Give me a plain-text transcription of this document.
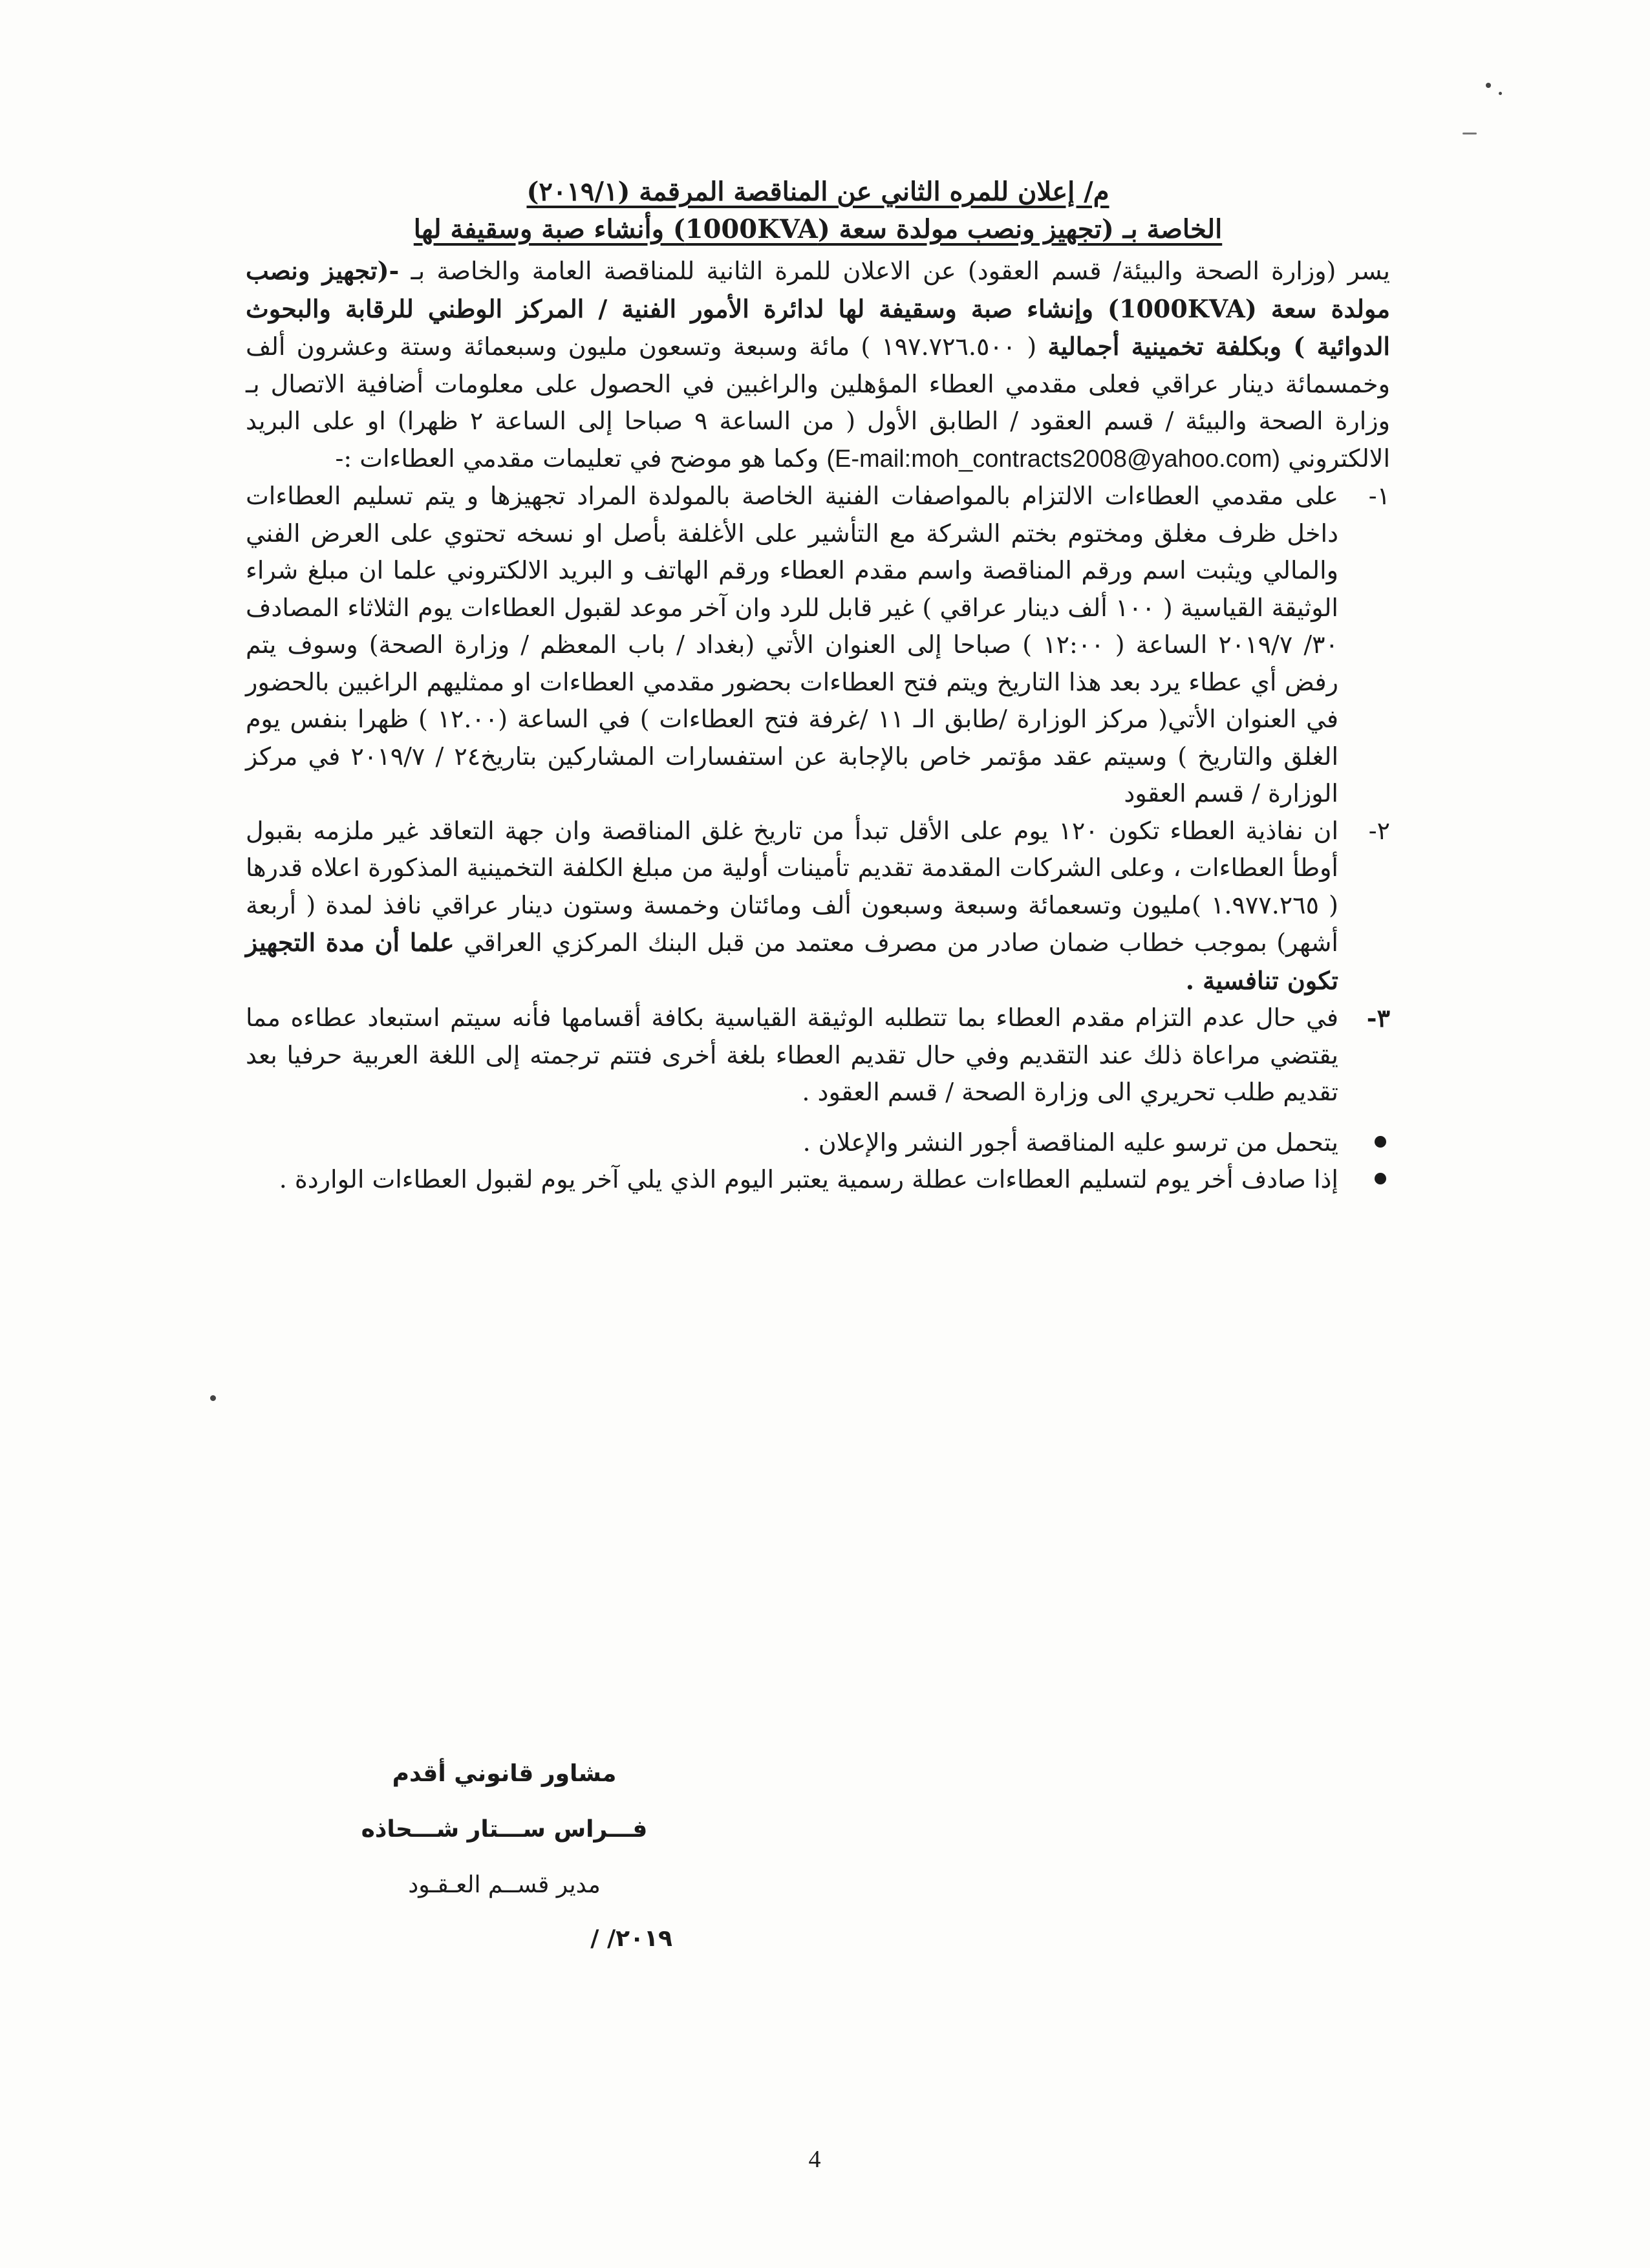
م/ إعلان للمره الثاني عن المناقصة المرقمة (٢٠١٩/١)

الخاصة بـ (تجهيز ونصب مولدة سعة (1000KVA) وأنشاء صبة وسقيفة لها

يسر (وزارة الصحة والبيئة/ قسم العقود) عن الاعلان للمرة الثانية للمناقصة العامة والخاصة بـ -(تجهيز ونصب مولدة سعة (1000KVA) وإنشاء صبة وسقيفة لها لدائرة الأمور الفنية / المركز الوطني للرقابة والبحوث الدوائية ) وبكلفة تخمينية أجمالية ( ١٩٧.٧٢٦.٥٠٠ ) مائة وسبعة وتسعون مليون وسبعمائة وستة وعشرون ألف وخمسمائة دينار عراقي فعلى مقدمي العطاء المؤهلين والراغبين في الحصول على معلومات أضافية الاتصال بـ وزارة الصحة والبيئة / قسم العقود / الطابق الأول ( من الساعة ٩ صباحا إلى الساعة ٢ ظهرا) او على البريد الالكتروني (E-mail:moh_contracts2008@yahoo.com) وكما هو موضح في تعليمات مقدمي العطاءات :-

١-
على مقدمي العطاءات الالتزام بالمواصفات الفنية الخاصة بالمولدة المراد تجهيزها و يتم تسليم العطاءات داخل ظرف مغلق ومختوم بختم الشركة مع التأشير على الأغلفة بأصل او نسخه تحتوي على العرض الفني والمالي ويثبت اسم ورقم المناقصة واسم مقدم العطاء ورقم الهاتف و البريد الالكتروني علما ان مبلغ شراء الوثيقة القياسية ( ١٠٠ ألف دينار عراقي ) غير قابل للرد وان آخر موعد لقبول العطاءات يوم الثلاثاء المصادف ٣٠/ ٢٠١٩/٧ الساعة ( ١٢:٠٠ ) صباحا إلى العنوان الأتي (بغداد / باب المعظم / وزارة الصحة) وسوف يتم رفض أي عطاء يرد بعد هذا التاريخ ويتم فتح العطاءات بحضور مقدمي العطاءات او ممثليهم الراغبين بالحضور في العنوان الأتي( مركز الوزارة /طابق الـ ١١ /غرفة فتح العطاءات ) في الساعة (١٢.٠٠ ) ظهرا بنفس يوم الغلق والتاريخ ) وسيتم عقد مؤتمر خاص بالإجابة عن استفسارات المشاركين بتاريخ٢٤ / ٢٠١٩/٧ في مركز الوزارة / قسم العقود
٢-
ان نفاذية العطاء تكون ١٢٠ يوم على الأقل تبدأ من تاريخ غلق المناقصة وان جهة التعاقد غير ملزمه بقبول أوطأ العطاءات ، وعلى الشركات المقدمة تقديم تأمينات أولية من مبلغ الكلفة التخمينية المذكورة اعلاه قدرها ( ١.٩٧٧.٢٦٥ )مليون وتسعمائة وسبعة وسبعون ألف ومائتان وخمسة وستون دينار عراقي نافذ لمدة ( أربعة أشهر) بموجب خطاب ضمان صادر من مصرف معتمد من قبل البنك المركزي العراقي علما أن مدة التجهيز تكون تنافسية .
٣-
في حال عدم التزام مقدم العطاء بما تتطلبه الوثيقة القياسية بكافة أقسامها فأنه سيتم استبعاد عطاءه مما يقتضي مراعاة ذلك عند التقديم وفي حال تقديم العطاء بلغة أخرى فتتم ترجمته إلى اللغة العربية حرفيا بعد تقديم طلب تحريري الى وزارة الصحة / قسم العقود .
يتحمل من ترسو عليه المناقصة أجور النشر والإعلان .
إذا صادف أخر يوم لتسليم العطاءات عطلة رسمية يعتبر اليوم الذي يلي آخر يوم لقبول العطاءات الواردة .
مشاور قانوني أقدم
فـــراس ســـتار شـــحاذه
مدير قســم العـقـود
٢٠١٩/ /
4
